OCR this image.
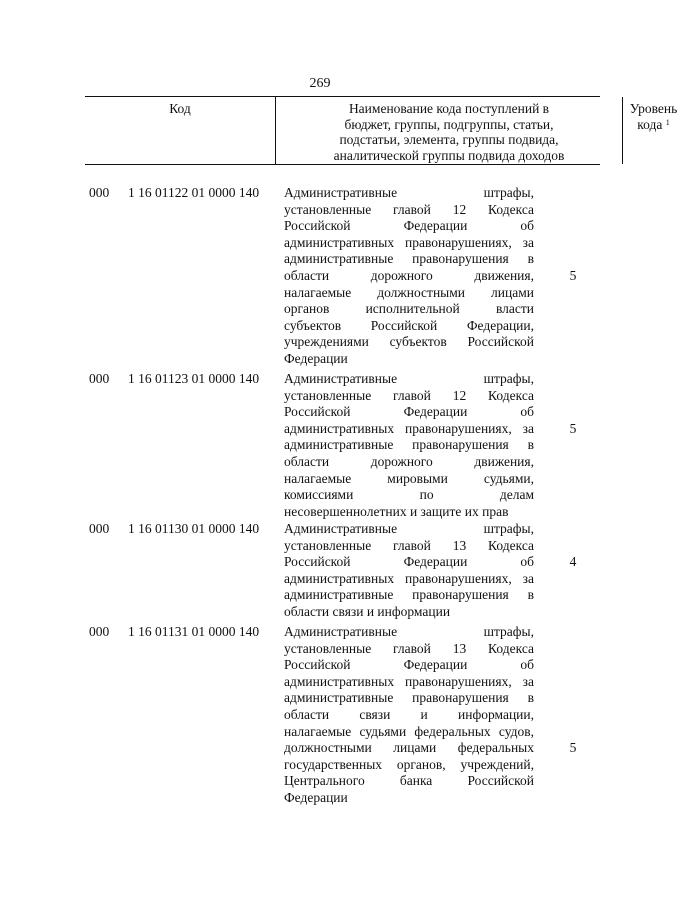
269
Код	Наименование кода поступлений в
бюджет, группы, подгруппы, статьи,
подстатьи, элемента, группы подвида,
аналитической группы подвида доходов
Уровень
кода $^1$
000 1 16 01122 01 0000 140 Административные штрафы,
установленные главой 12 Кодекса
Российской Федерации об
административных правонарушениях, за
административные правонарушения в
области дорожного движения,
налагаемые должностными лицами
органов исполнительной власти
субъектов Российской Федерации,
учреждениями субъектов Российской
Федерации
5
000 1 16 01123 01 0000 140 Административные штрафы,
установленные главой 12 Кодекса
Российской Федерации об
административных правонарушениях, за
административные правонарушения в
области дорожного движения,
налагаемые мировыми судьями,
комиссиями по делам
несовершеннолетних и защите их прав
5
000 1 16 01130 01 0000 140 Административные штрафы,
установленные главой 13 Кодекса
Российской Федерации об
административных правонарушениях, за
административные правонарушения в
области связи и информации
4
000 1 16 01131 01 0000 140 Административные штрафы,
установленные главой 13 Кодекса
Российской Федерации об
административных правонарушениях, за
административные правонарушения в
области связи и информации,
налагаемые судьями федеральных судов,
должностными лицами федеральных
государственных органов, учреждений,
Центрального банка Российской
Федерации
5
